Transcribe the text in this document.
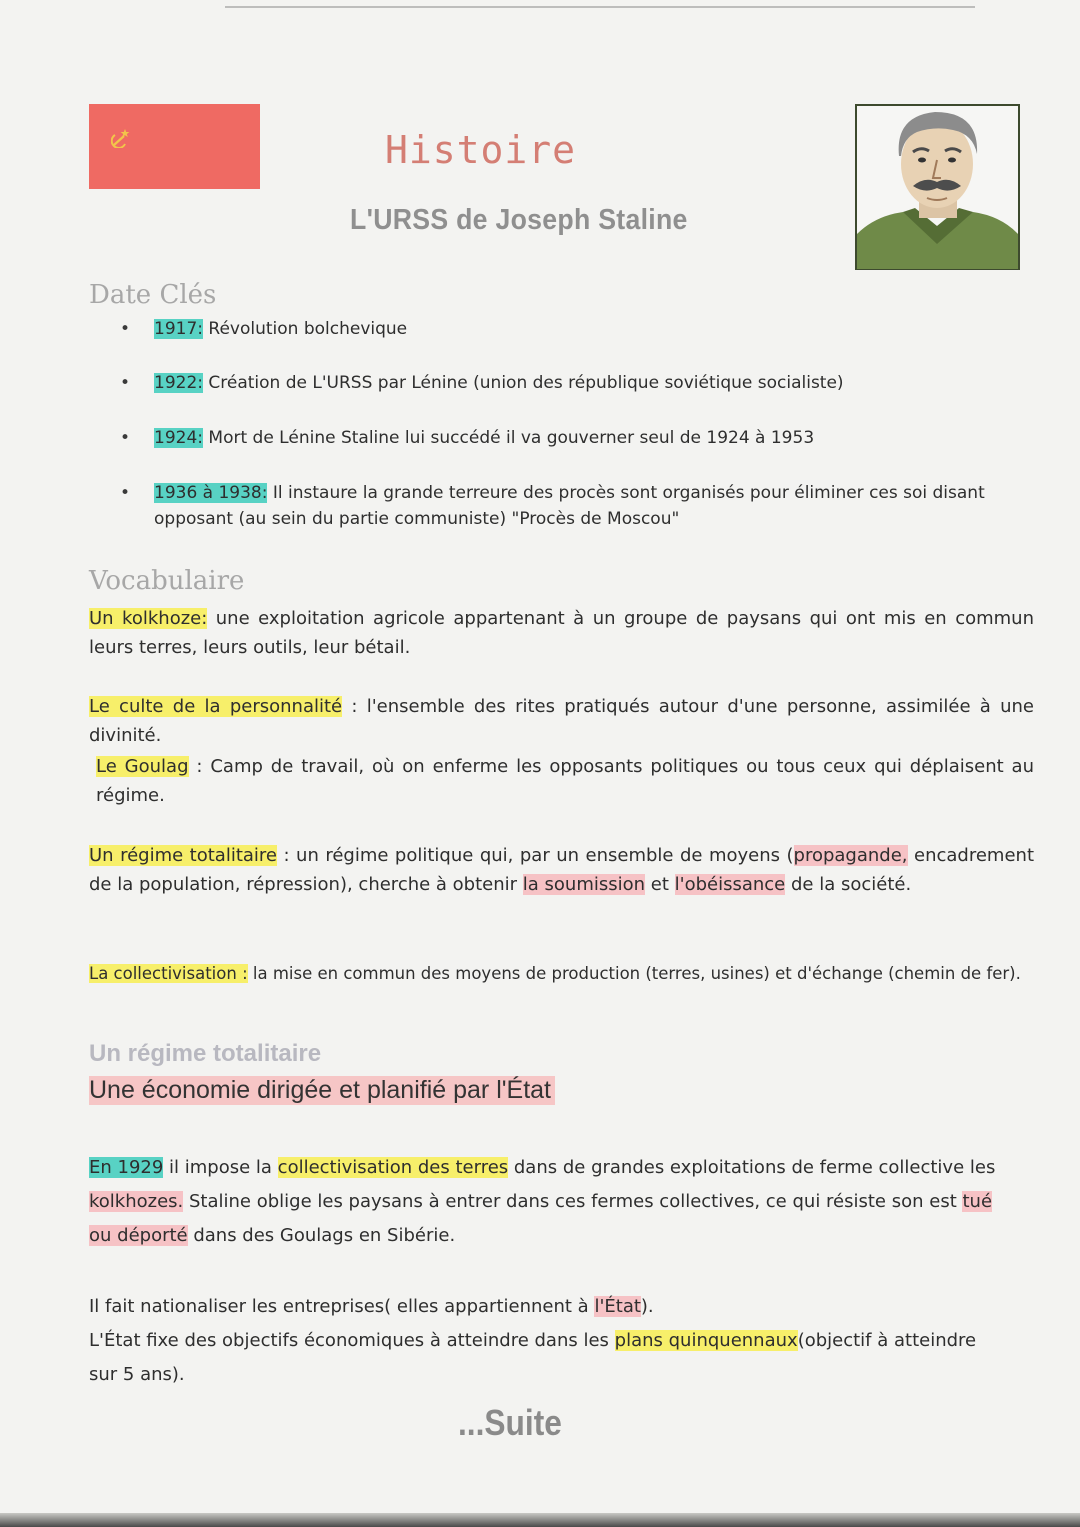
Histoire
L'URSS de Joseph Staline
Date Clés
• 1917: Révolution bolchevique
• 1922: Création de L'URSS par Lénine (union des république soviétique socialiste)
• 1924: Mort de Lénine Staline lui succédé il va gouverner seul de 1924 à 1953
• 1936 à 1938: Il instaure la grande terreure des procès sont organisés pour éliminer ces soi disant opposant (au sein du partie communiste) "Procès de Moscou"
Vocabulaire
Un kolkhoze: une exploitation agricole appartenant à un groupe de paysans qui ont mis en commun leurs terres, leurs outils, leur bétail.
Le culte de la personnalité : l'ensemble des rites pratiqués autour d'une personne, assimilée à une divinité.
Le Goulag : Camp de travail, où on enferme les opposants politiques ou tous ceux qui déplaisent au régime.
Un régime totalitaire : un régime politique qui, par un ensemble de moyens (propagande, encadrement de la population, répression), cherche à obtenir la soumission et l'obéissance de la société.
La collectivisation : la mise en commun des moyens de production (terres, usines) et d'échange (chemin de fer).
Un régime totalitaire
Une économie dirigée et planifié par l'État
En 1929 il impose la collectivisation des terres dans de grandes exploitations de ferme collective les kolkhozes. Staline oblige les paysans à entrer dans ces fermes collectives, ce qui résiste son est tué ou déporté dans des Goulags en Sibérie.
Il fait nationaliser les entreprises( elles appartiennent à l'État).
L'État fixe des objectifs économiques à atteindre dans les plans quinquennaux(objectif à atteindre sur 5 ans).
...Suite
